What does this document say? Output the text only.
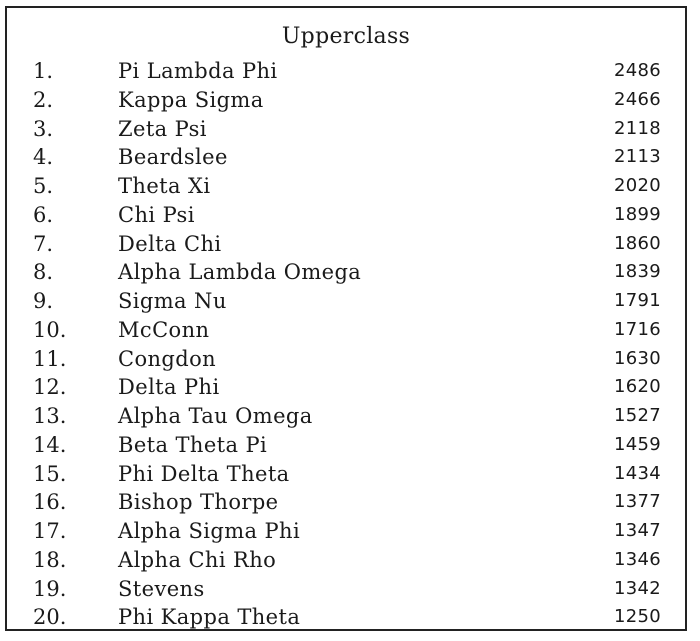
Upperclass
1.	Pi Lambda Phi	2486
2.	Kappa Sigma	2466
3.	Zeta Psi	2118
4.	Beardslee	2113
5.	Theta Xi	2020
6.	Chi Psi	1899
7.	Delta Chi	1860
8.	Alpha Lambda Omega	1839
9.	Sigma Nu	1791
10. McConn	1716
11. Congdon	1630
12. Delta Phi	1620
13. Alpha Tau Omega	1527
14. Beta Theta Pi	1459
15. Phi Delta Theta	1434
16. Bishop Thorpe	1377
17. Alpha Sigma Phi	1347
18. Alpha Chi Rho	1346
19. Stevens	1342
20. Phi Kappa Theta	1250
